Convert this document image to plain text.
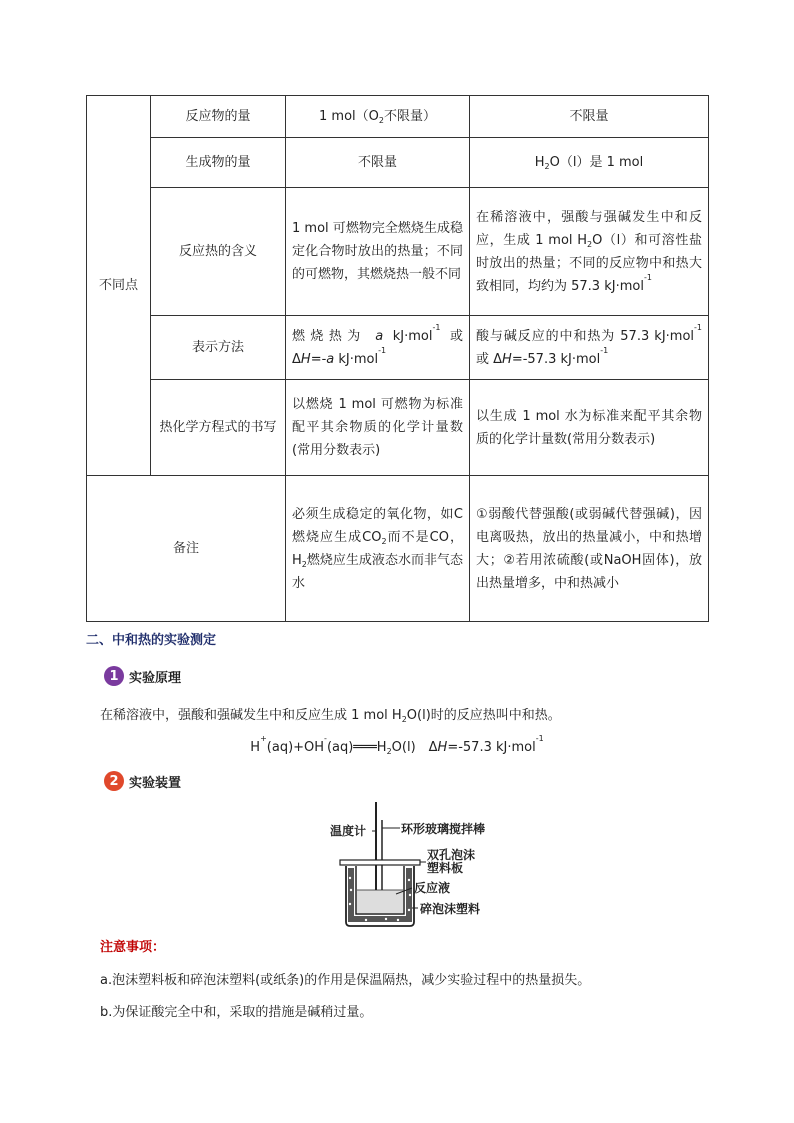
不同点	反应物的量	1 $mol(O_2$不限量）	不限量
	生成物的量	不限量	$H_2O(l)$是 1 mol
	反应热的含义	1 mol 可燃物完全燃烧生成稳定化合物时放出的热量；不同的可燃物，其燃烧热一般不同	在稀溶液中，强酸与强碱发生中和反应，生成 1 mol $H_2O(l)$和可溶性盐时放出的热量；不同的反应物中和热大致相同，均约为 57.3 kJ·mol$^{-1}$
	表示方法	燃烧热为 a kJ·mol$^{-1}$ 或 ΔH=-a kJ·mol$^{-1}$	酸与碱反应的中和热为 57.3 kJ·mol$^{-1}$ 或 ΔH=-57.3 kJ·mol$^{-1}$
	热化学方程式的书写	以燃烧 1 mol 可燃物为标准配平其余物质的化学计量数(常用分数表示)	以生成 1 mol 水为标准来配平其余物质的化学计量数(常用分数表示)
备注		必须生成稳定的氧化物，如C燃烧应生成$CO_2$而不是CO，$H_2$燃烧应生成液态水而非气态水	①弱酸代替强酸(或弱碱代替强碱)，因电离吸热，放出的热量减小，中和热增大；②若用浓硫酸(或NaOH固体)，放出热量增多，中和热减小
二、中和热的实验测定
1 实验原理
在稀溶液中，强酸和强碱发生中和反应生成 1 mol $H_2O(l)$时的反应热叫中和热。
$H^+(aq)+OH^-(aq)═══H_2O(l)$　ΔH=-57.3 kJ·mol$^{-1}$
2 实验装置
温度计	环形玻璃搅拌棒
双孔泡沫
塑料板
反应液
碎泡沫塑料
注意事项：
a.泡沫塑料板和碎泡沫塑料(或纸条)的作用是保温隔热，减少实验过程中的热量损失。
b.为保证酸完全中和，采取的措施是碱稍过量。
